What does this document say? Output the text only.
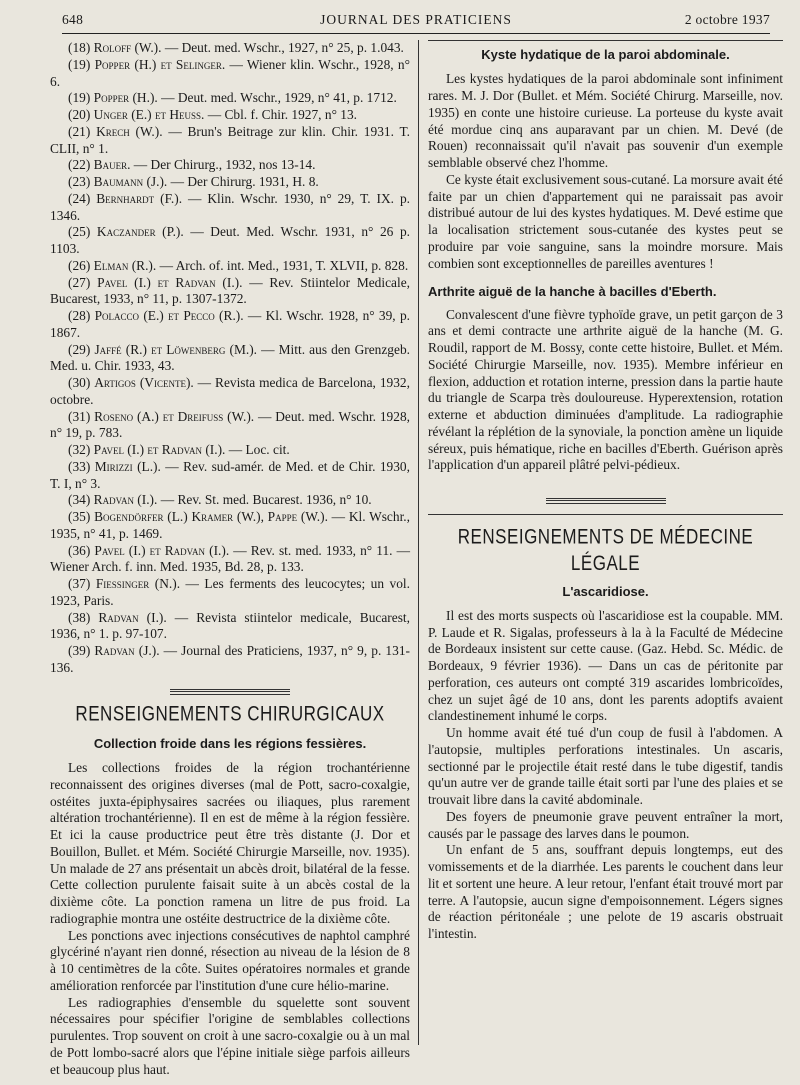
648	JOURNAL DES PRATICIENS	2 octobre 1937

(18) Roloff (W.). — Deut. med. Wschr., 1927, n° 25, p. 1.043.

(19) Popper (H.) et Selinger. — Wiener klin. Wschr., 1928, n° 6.

(19) Popper (H.). — Deut. med. Wschr., 1929, n° 41, p. 1712.

(20) Unger (E.) et Heuss. — Cbl. f. Chir. 1927, n° 13.

(21) Krech (W.). — Brun's Beitrage zur klin. Chir. 1931. T. CLII, n° 1.

(22) Bauer. — Der Chirurg., 1932, nos 13-14.

(23) Baumann (J.). — Der Chirurg. 1931, H. 8.

(24) Bernhardt (F.). — Klin. Wschr. 1930, n° 29, T. IX. p. 1346.

(25) Kaczander (P.). — Deut. Med. Wschr. 1931, n° 26 p. 1103.

(26) Elman (R.). — Arch. of. int. Med., 1931, T. XLVII, p. 828.

(27) Pavel (I.) et Radvan (I.). — Rev. Stiintelor Medicale, Bucarest, 1933, n° 11, p. 1307-1372.

(28) Polacco (E.) et Pecco (R.). — Kl. Wschr. 1928, n° 39, p. 1867.

(29) Jaffé (R.) et Löwenberg (M.). — Mitt. aus den Grenzgeb. Med. u. Chir. 1933, 43.

(30) Artigos (Vicente). — Revista medica de Barcelona, 1932, octobre.

(31) Roseno (A.) et Dreifuss (W.). — Deut. med. Wschr. 1928, n° 19, p. 783.

(32) Pavel (I.) et Radvan (I.). — Loc. cit.

(33) Mirizzi (L.). — Rev. sud-amér. de Med. et de Chir. 1930, T. I, n° 3.

(34) Radvan (I.). — Rev. St. med. Bucarest. 1936, n° 10.

(35) Bogendörfer (L.) Kramer (W.), Pappe (W.). — Kl. Wschr., 1935, n° 41, p. 1469.

(36) Pavel (I.) et Radvan (I.). — Rev. st. med. 1933, n° 11. — Wiener Arch. f. inn. Med. 1935, Bd. 28, p. 133.

(37) Fiessinger (N.). — Les ferments des leucocytes; un vol. 1923, Paris.

(38) Radvan (I.). — Revista stiintelor medicale, Bucarest, 1936, n° 1. p. 97-107.

(39) Radvan (J.). — Journal des Praticiens, 1937, n° 9, p. 131-136.

RENSEIGNEMENTS CHIRURGICAUX
Collection froide dans les régions fessières.

Les collections froides de la région trochantérienne reconnaissent des origines diverses (mal de Pott, sacro-coxalgie, ostéites juxta-épiphysaires sacrées ou iliaques, plus rarement altération trochantérienne). Il en est de même à la région fessière. Et ici la cause productrice peut être très distante (J. Dor et Bouillon, Bullet. et Mém. Société Chirurgie Marseille, nov. 1935). Un malade de 27 ans présentait un abcès droit, bilatéral de la fesse. Cette collection purulente faisait suite à un abcès costal de la dixième côte. La ponction ramena un litre de pus froid. La radiographie montra une ostéite destructrice de la dixième côte.

Les ponctions avec injections consécutives de naphtol camphré glycériné n'ayant rien donné, résection au niveau de la lésion de 8 à 10 centimètres de la côte. Suites opératoires normales et grande amélioration renforcée par l'institution d'une cure hélio-marine.

Les radiographies d'ensemble du squelette sont souvent nécessaires pour spécifier l'origine de semblables collections purulentes. Trop souvent on croit à une sacro-coxalgie ou à un mal de Pott lombo-sacré alors que l'épine initiale siège parfois ailleurs et beaucoup plus haut.

Kyste hydatique de la paroi abdominale.

Les kystes hydatiques de la paroi abdominale sont infiniment rares. M. J. Dor (Bullet. et Mém. Société Chirurg. Marseille, nov. 1935) en conte une histoire curieuse. La porteuse du kyste avait été mordue cinq ans auparavant par un chien. M. Devé (de Rouen) reconnaissait qu'il n'avait pas souvenir d'un exemple semblable observé chez l'homme.

Ce kyste était exclusivement sous-cutané. La morsure avait été faite par un chien d'appartement qui ne paraissait pas avoir distribué autour de lui des kystes hydatiques. M. Devé estime que la localisation strictement sous-cutanée des kystes peut se produire par voie sanguine, sans la moindre morsure. Mais combien sont exceptionnelles de pareilles aventures !

Arthrite aiguë de la hanche à bacilles d'Eberth.

Convalescent d'une fièvre typhoïde grave, un petit garçon de 3 ans et demi contracte une arthrite aiguë de la hanche (M. G. Roudil, rapport de M. Bossy, conte cette histoire, Bullet. et Mém. Société Chirurgie Marseille, nov. 1935). Membre inférieur en flexion, adduction et rotation interne, pression dans la partie haute du triangle de Scarpa très douloureuse. Hyperextension, rotation externe et abduction diminuées d'amplitude. La radiographie révélant la réplétion de la synoviale, la ponction amène un liquide séreux, puis hématique, riche en bacilles d'Eberth. Guérison après l'application d'un appareil plâtré pelvi-pédieux.

RENSEIGNEMENTS DE MÉDECINE LÉGALE
L'ascaridiose.

Il est des morts suspects où l'ascaridiose est la coupable. MM. P. Laude et R. Sigalas, professeurs à la à la Faculté de Médecine de Bordeaux insistent sur cette cause. (Gaz. Hebd. Sc. Médic. de Bordeaux, 9 février 1936). — Dans un cas de péritonite par perforation, ces auteurs ont compté 319 ascarides lombricoïdes, chez un sujet âgé de 10 ans, dont les parents adoptifs avaient clandestinement inhumé le corps.

Un homme avait été tué d'un coup de fusil à l'abdomen. A l'autopsie, multiples perforations intestinales. Un ascaris, sectionné par le projectile était resté dans le tube digestif, tandis qu'un autre ver de grande taille était sorti par l'une des plaies et se trouvait libre dans la cavité abdominale.

Des foyers de pneumonie grave peuvent entraîner la mort, causés par le passage des larves dans le poumon.

Un enfant de 5 ans, souffrant depuis longtemps, eut des vomissements et de la diarrhée. Les parents le couchent dans leur lit et sortent une heure. A leur retour, l'enfant était trouvé mort par terre. A l'autopsie, aucun signe d'empoisonnement. Légers signes de réaction péritonéale ; une pelote de 19 ascaris obstruait l'intestin.
